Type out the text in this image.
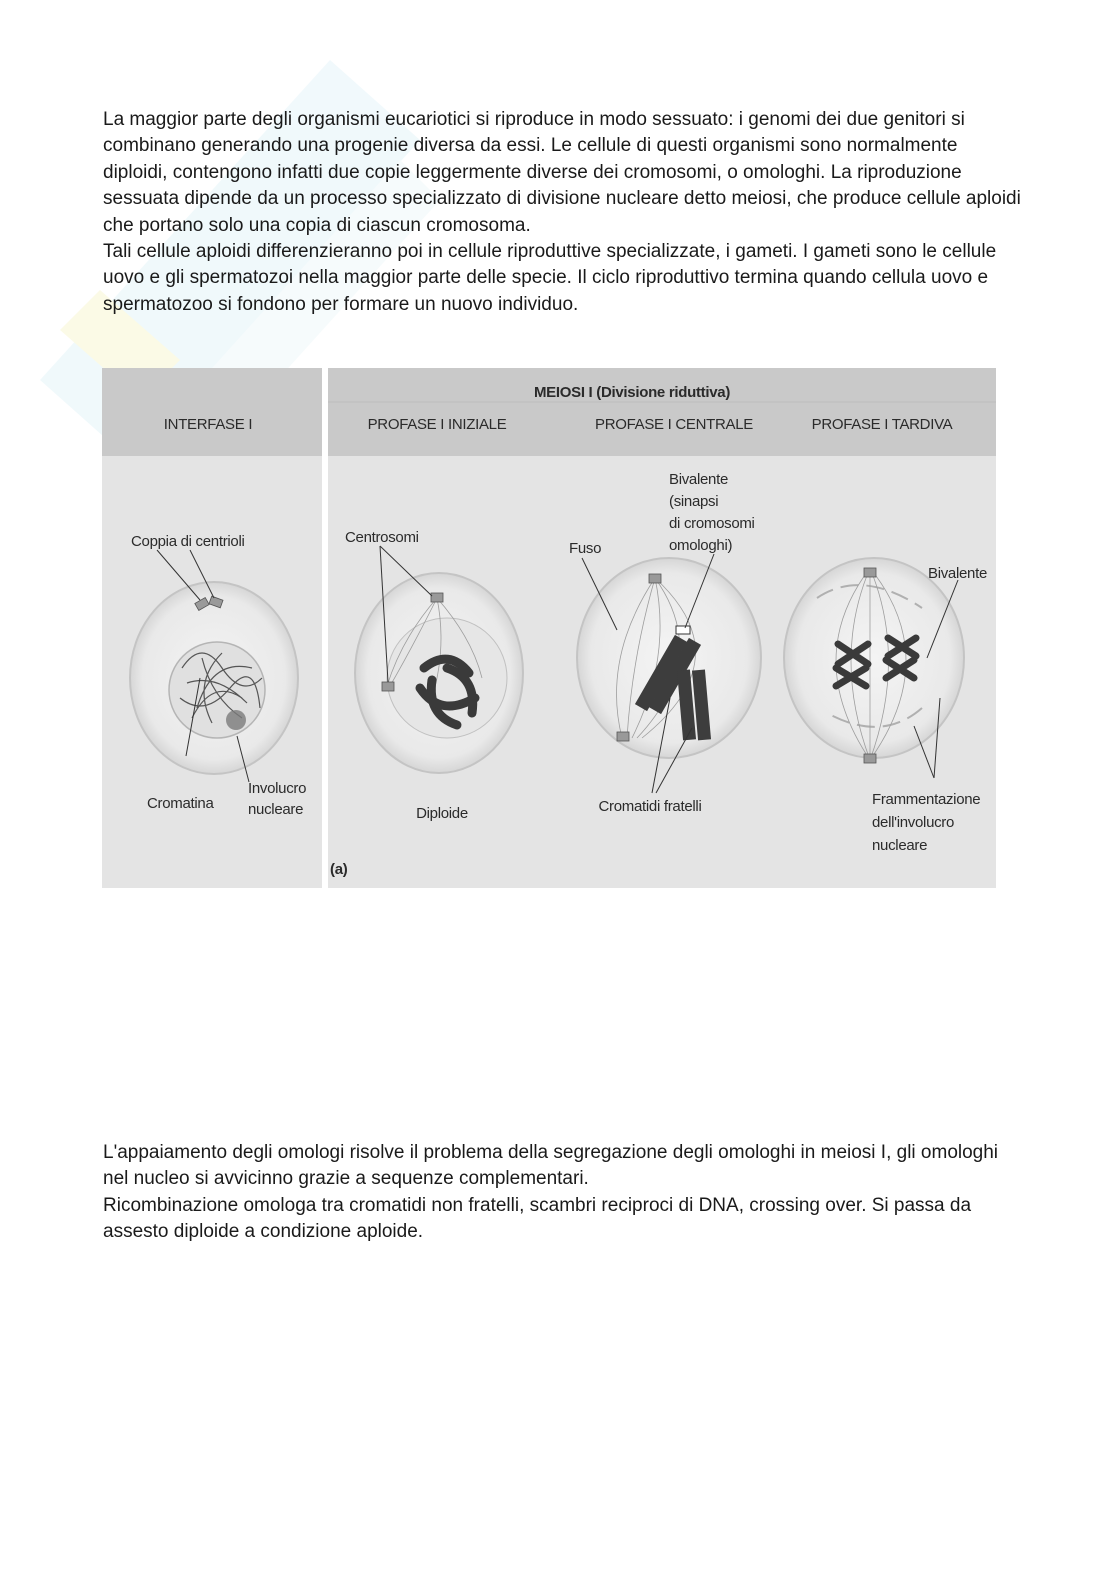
La maggior parte degli organismi eucariotici si riproduce in modo sessuato: i genomi dei due genitori si combinano generando una progenie diversa da essi. Le cellule di questi organismi sono normalmente diploidi, contengono infatti due copie leggermente diverse dei cromosomi, o omologhi. La riproduzione sessuata dipende da un processo specializzato di divisione nucleare detto meiosi, che produce cellule aploidi che portano solo una copia di ciascun cromosoma.

Tali cellule aploidi differenzieranno poi in cellule riproduttive specializzate, i gameti. I gameti sono le cellule uovo e gli spermatozoi nella maggior parte delle specie. Il ciclo riproduttivo termina quando cellula uovo e spermatozoo si fondono per formare un nuovo individuo.

MEIOSI I (Divisione riduttiva)
INTERFASE I	PROFASE I INIZIALE	PROFASE I CENTRALE	PROFASE I TARDIVA
Coppia di centrioli
Cromatina
Involucro
nucleare
Centrosomi
Diploide
Fuso
Bivalente
(sinapsi
di cromosomi
omologhi)
Cromatidi fratelli
Bivalente
Frammentazione
dell'involucro
nucleare
(a)

L'appaiamento degli omologi risolve il problema della segregazione degli omologhi in meiosi I, gli omologhi nel nucleo si avvicinno grazie a sequenze complementari.

Ricombinazione omologa tra cromatidi non fratelli, scambri reciproci di DNA, crossing over. Si passa da assesto diploide a condizione aploide.
